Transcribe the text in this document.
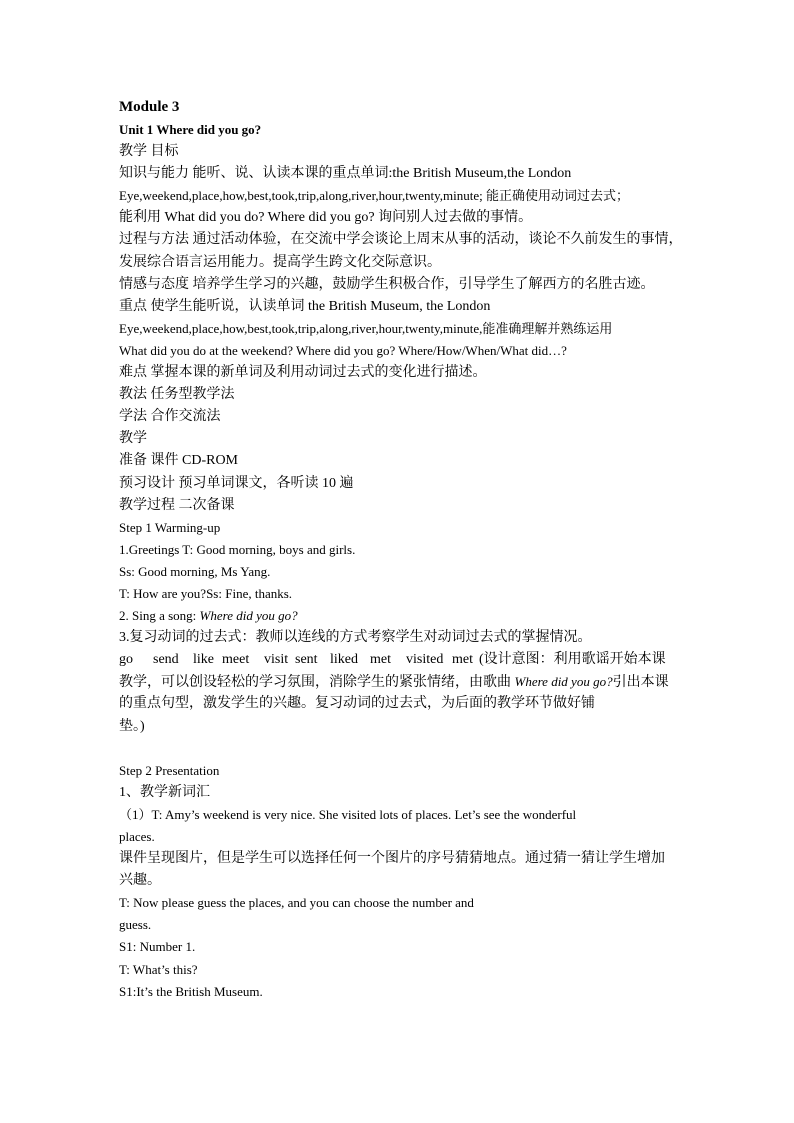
Module 3
Unit 1 Where did you go?
教学 目标
知识与能力 能听、说、认读本课的重点单词:the British Museum,the London
Eye,weekend,place,how,best,took,trip,along,river,hour,twenty,minute; 能正确使用动词过去式；
能利用 What did you do? Where did you go? 询问别人过去做的事情。
过程与方法 通过活动体验，在交流中学会谈论上周末从事的活动，谈论不久前发生的事情，
发展综合语言运用能力。提高学生跨文化交际意识。
情感与态度 培养学生学习的兴趣，鼓励学生积极合作，引导学生了解西方的名胜古迹。
重点 使学生能听说，认读单词 the British Museum, the London
Eye,weekend,place,how,best,took,trip,along,river,hour,twenty,minute,能准确理解并熟练运用
What did you do at the weekend? Where did you go? Where/How/When/What did…?
难点 掌握本课的新单词及利用动词过去式的变化进行描述。
教法 任务型教学法
学法 合作交流法
教学
准备 课件 CD-ROM
预习设计 预习单词课文，各听读 10 遍
教学过程 二次备课
Step 1 Warming-up
1.Greetings T: Good morning, boys and girls.
Ss: Good morning, Ms Yang.
T: How are you?Ss: Fine, thanks.
2. Sing a song: Where did you go?
3.复习动词的过去式：教师以连线的方式考察学生对动词过去式的掌握情况。
go send like meet visit sent liked met visited met (设计意图：利用歌谣开始本课
教学，可以创设轻松的学习氛围，消除学生的紧张情绪，由歌曲 Where did you go?引出本课
的重点句型，激发学生的兴趣。复习动词的过去式，为后面的教学环节做好铺
垫。)
Step 2 Presentation
1、教学新词汇
（1）T: Amy’s weekend is very nice. She visited lots of places. Let’s see the wonderful
places.
课件呈现图片，但是学生可以选择任何一个图片的序号猜猜地点。通过猜一猜让学生增加
兴趣。
T: Now please guess the places, and you can choose the number and
guess.
S1: Number 1.
T: What’s this?
S1:It’s the British Museum.
